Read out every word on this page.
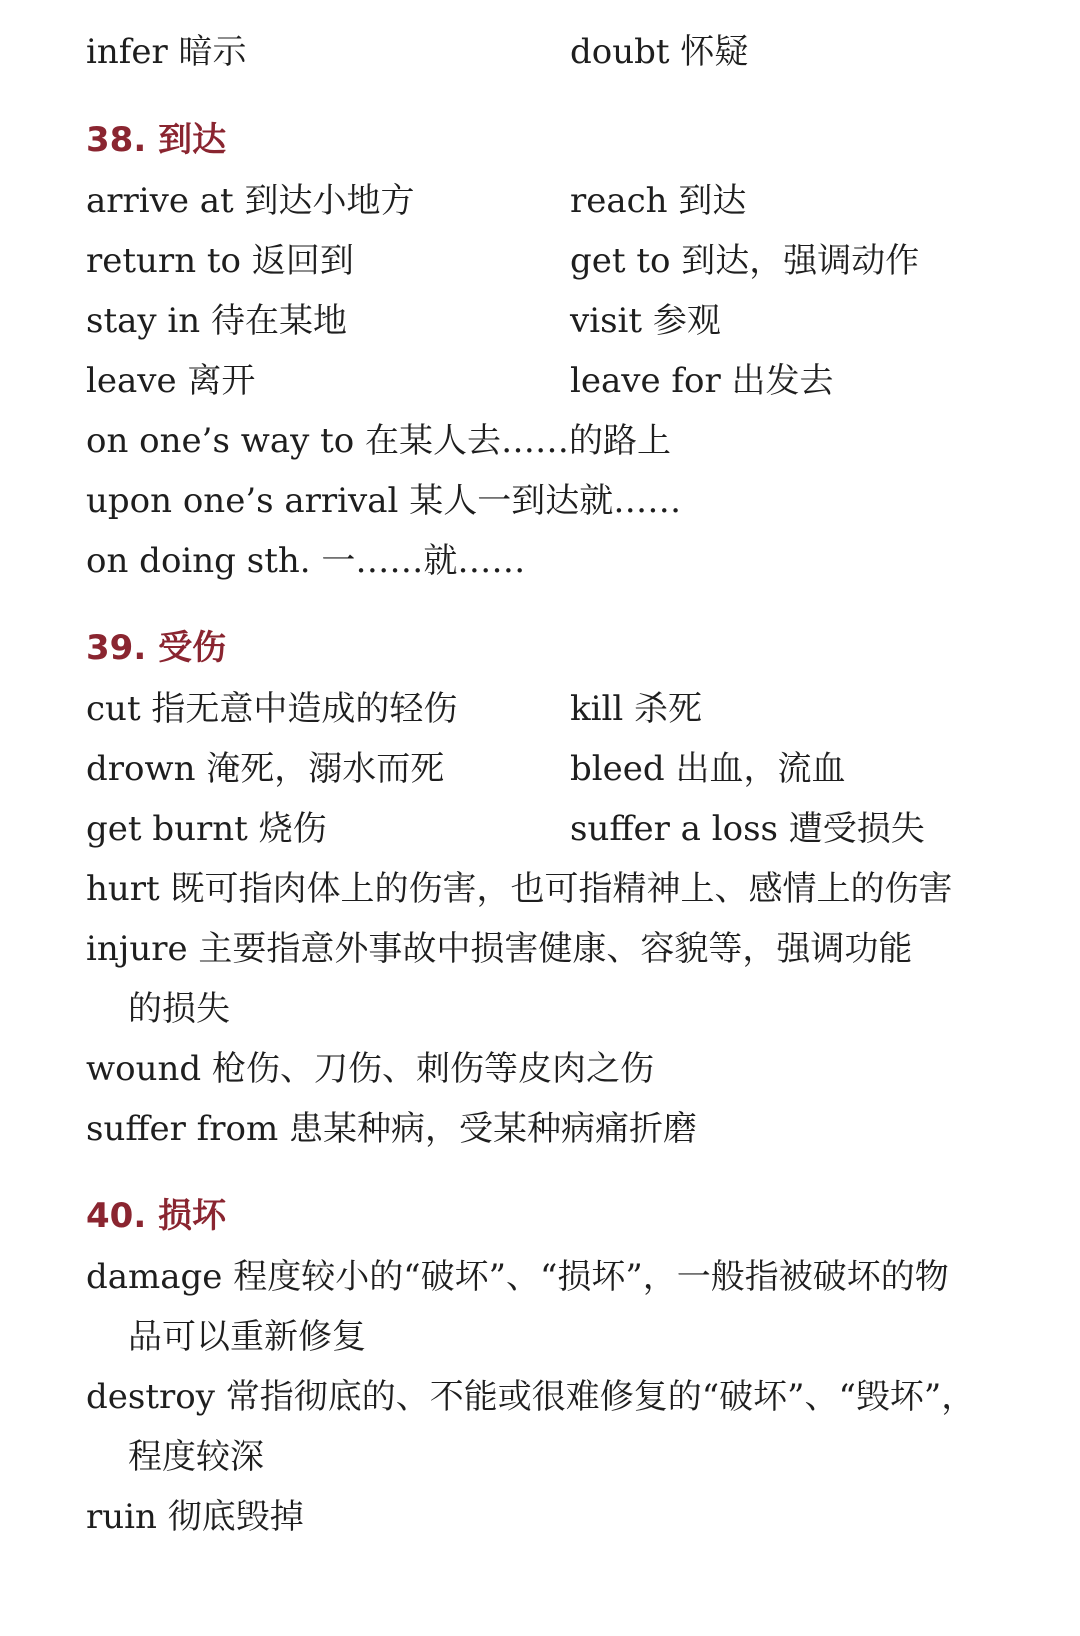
infer 暗示	doubt 怀疑
38. 到达
arrive at 到达小地方	reach 到达
return to 返回到	get to 到达，强调动作
stay in 待在某地	visit 参观
leave 离开	leave for 出发去
on one’s way to 在某人去……的路上
upon one’s arrival 某人一到达就……
on doing sth. 一……就……
39. 受伤
cut 指无意中造成的轻伤	kill 杀死
drown 淹死，溺水而死	bleed 出血，流血
get burnt 烧伤	suffer a loss 遭受损失
hurt 既可指肉体上的伤害，也可指精神上、感情上的伤害
injure 主要指意外事故中损害健康、容貌等，强调功能
的损失
wound 枪伤、刀伤、刺伤等皮肉之伤
suffer from 患某种病，受某种病痛折磨
40. 损坏
damage 程度较小的“破坏”、“损坏”，一般指被破坏的物
品可以重新修复
destroy 常指彻底的、不能或很难修复的“破坏”、“毁坏”，
程度较深
ruin 彻底毁掉
